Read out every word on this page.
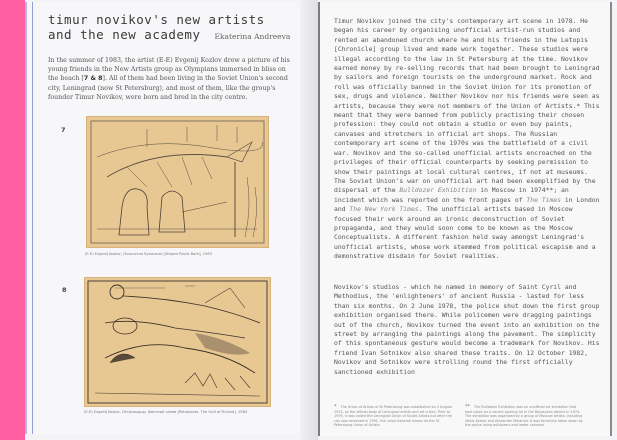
timur novikov's new artists
and the new academy Ekaterina Andreeva
In the summer of 1983, the artist (E-E) Evgenij Kozlov drew a picture of his young friends in the New Artists group as Olympians immersed in bliss on the beach [7 & 8]. All of them had been living in the Soviet Union's second city, Leningrad (now St Petersburg), and most of them, like the group's founder Timur Novikov, were born and bred in the city centre.
7
(E-E) Evgenij Kozlov, Полосатая Купальня [Striped Public Bath], 1983
8
(E-E) Evgenij Kozlov, Петроводцы. Финский залив [Petrobonts. The Gulf of Finland], 1983
Timur Novikov joined the city's contemporary art scene in 1978. He began his career by organising unofficial artist-run studios and rented an abandoned church where he and his friends in the Letopis [Chronicle] group lived and made work together. These studios were illegal according to the law in St Petersburg at the time. Novikov earned money by re-selling records that had been brought to Leningrad by sailors and foreign tourists on the underground market. Rock and roll was officially banned in the Soviet Union for its promotion of sex, drugs and violence. Neither Novikov nor his friends were seen as artists, because they were not members of the Union of Artists.* This meant that they were banned from publicly practising their chosen profession: they could not obtain a studio or even buy paints, canvases and stretchers in official art shops. The Russian contemporary art scene of the 1970s was the battlefield of a civil war. Novikov and the so-called unofficial artists encroached on the privileges of their official counterparts by seeking permission to show their paintings at local cultural centres, if not at museums. The Soviet Union's war on unofficial art had been exemplified by the dispersal of the Bulldozer Exhibition in Moscow in 1974**; an incident which was reported on the front pages of The Times in London and The New York Times. The unofficial artists based in Moscow focused their work around an ironic deconstruction of Soviet propaganda, and they would soon come to be known as the Moscow Conceptualists. A different fashion held sway amongst Leningrad's unofficial artists, whose work stemmed from political escapism and a demonstrative disdain for Soviet realities.
Novikov's studios - which he named in memory of Saint Cyril and Methodius, the 'enlighteners' of ancient Russia - lasted for less than six months. On 2 June 1978, the police shut down the first group exhibition organised there. While policemen were dragging paintings out of the church, Novikov turned the event into an exhibition on the street by arranging the paintings along the pavement. The simplicity of this spontaneous gesture would become a trademark for Novikov. His friend Ivan Sotnikov also shared these traits. On 12 October 1982, Novikov and Sotnikov were strolling round the first officially sanctioned exhibition
* The Union of Artists of St Petersburg was established on 2 August 1932, as the official body of Leningrad artists and art critics. Prior to 1959, it was called the Leningrad Union of Soviet Artists but after the city was renamed in 1991, the union became known as the St Petersburg Union of Artists.
** The Bulldozer Exhibition was an unofficial art exhibition that took place on a vacant parking lot in the Belyayevo district in 1974. The exhibition was organised by a group of Moscow artists, including Vitaly Komar and Alexander Melamid. It was forcefully taken down by the police using bulldozers and water cannons.
